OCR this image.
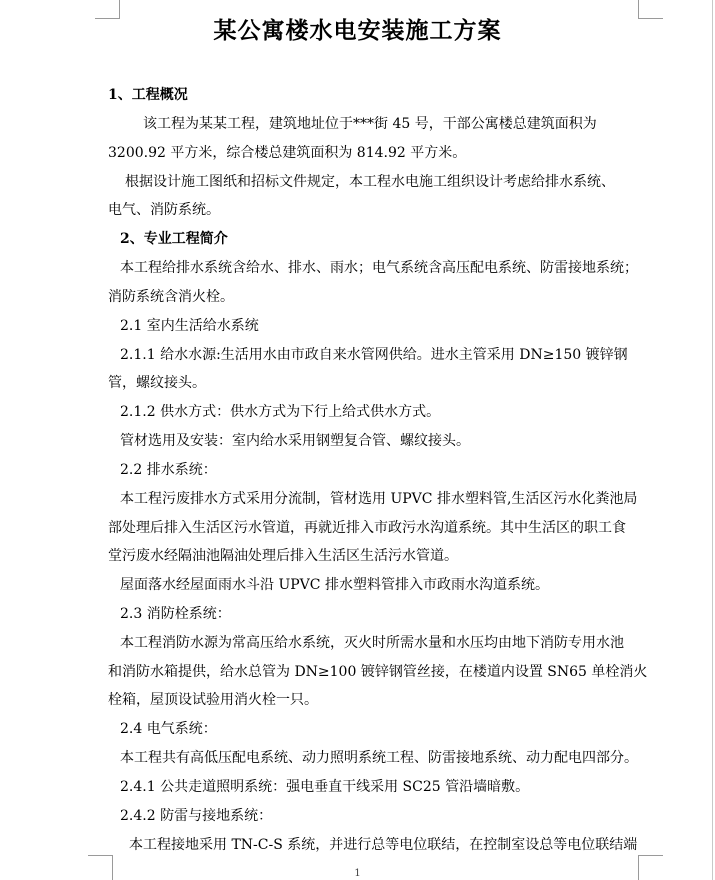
某公寓楼水电安装施工方案
1、工程概况
该工程为某某工程，建筑地址位于***街 45 号，干部公寓楼总建筑面积为
3200.92 平方米，综合楼总建筑面积为 814.92 平方米。
根据设计施工图纸和招标文件规定，本工程水电施工组织设计考虑给排水系统、
电气、消防系统。
2、专业工程简介
本工程给排水系统含给水、排水、雨水；电气系统含高压配电系统、防雷接地系统；
消防系统含消火栓。
2.1 室内生活给水系统
2.1.1 给水水源:生活用水由市政自来水管网供给。进水主管采用 DN≥150 镀锌钢
管，螺纹接头。
2.1.2 供水方式：供水方式为下行上给式供水方式。
管材选用及安装：室内给水采用钢塑复合管、螺纹接头。
2.2 排水系统：
本工程污废排水方式采用分流制，管材选用 UPVC 排水塑料管,生活区污水化粪池局
部处理后排入生活区污水管道，再就近排入市政污水沟道系统。其中生活区的职工食
堂污废水经隔油池隔油处理后排入生活区生活污水管道。
屋面落水经屋面雨水斗沿 UPVC 排水塑料管排入市政雨水沟道系统。
2.3 消防栓系统：
本工程消防水源为常高压给水系统，灭火时所需水量和水压均由地下消防专用水池
和消防水箱提供，给水总管为 DN≥100 镀锌钢管丝接，在楼道内设置 SN65 单栓消火
栓箱，屋顶设试验用消火栓一只。
2.4 电气系统：
本工程共有高低压配电系统、动力照明系统工程、防雷接地系统、动力配电四部分。
2.4.1 公共走道照明系统：强电垂直干线采用 SC25 管沿墙暗敷。
2.4.2 防雷与接地系统：
本工程接地采用 TN-C-S 系统，并进行总等电位联结，在控制室设总等电位联结端
1
